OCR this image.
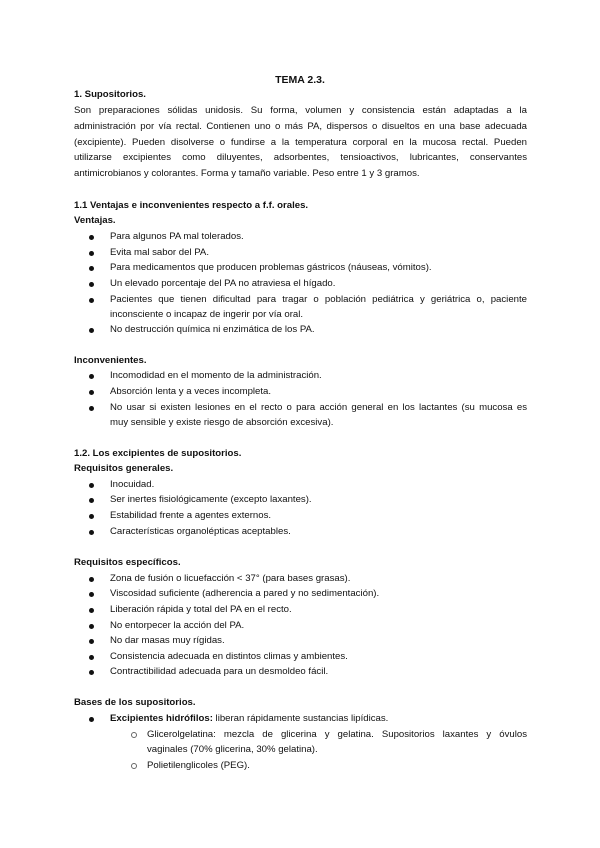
TEMA 2.3.
1. Supositorios.
Son preparaciones sólidas unidosis. Su forma, volumen y consistencia están adaptadas a la
administración por vía rectal. Contienen uno o más PA, dispersos o disueltos en una base adecuada
(excipiente). Pueden disolverse o fundirse a la temperatura corporal en la mucosa rectal. Pueden
utilizarse excipientes como diluyentes, adsorbentes, tensioactivos, lubricantes, conservantes
antimicrobianos y colorantes. Forma y tamaño variable. Peso entre 1 y 3 gramos.
1.1 Ventajas e inconvenientes respecto a f.f. orales.
Ventajas.
Para algunos PA mal tolerados.
Evita mal sabor del PA.
Para medicamentos que producen problemas gástricos (náuseas, vómitos).
Un elevado porcentaje del PA no atraviesa el hígado.
Pacientes que tienen dificultad para tragar o población pediátrica y geriátrica o, paciente
inconsciente o incapaz de ingerir por vía oral.
No destrucción química ni enzimática de los PA.
Inconvenientes.
Incomodidad en el momento de la administración.
Absorción lenta y a veces incompleta.
No usar si existen lesiones en el recto o para acción general en los lactantes (su mucosa es
muy sensible y existe riesgo de absorción excesiva).
1.2. Los excipientes de supositorios.
Requisitos generales.
Inocuidad.
Ser inertes fisiológicamente (excepto laxantes).
Estabilidad frente a agentes externos.
Características organolépticas aceptables.
Requisitos específicos.
Zona de fusión o licuefacción < 37° (para bases grasas).
Viscosidad suficiente (adherencia a pared y no sedimentación).
Liberación rápida y total del PA en el recto.
No entorpecer la acción del PA.
No dar masas muy rígidas.
Consistencia adecuada en distintos climas y ambientes.
Contractibilidad adecuada para un desmoldeo fácil.
Bases de los supositorios.
Excipientes hidrófilos: liberan rápidamente sustancias lipídicas.
Glicerolgelatina: mezcla de glicerina y gelatina. Supositorios laxantes y óvulos
vaginales (70% glicerina, 30% gelatina).
Polietilenglicoles (PEG).
